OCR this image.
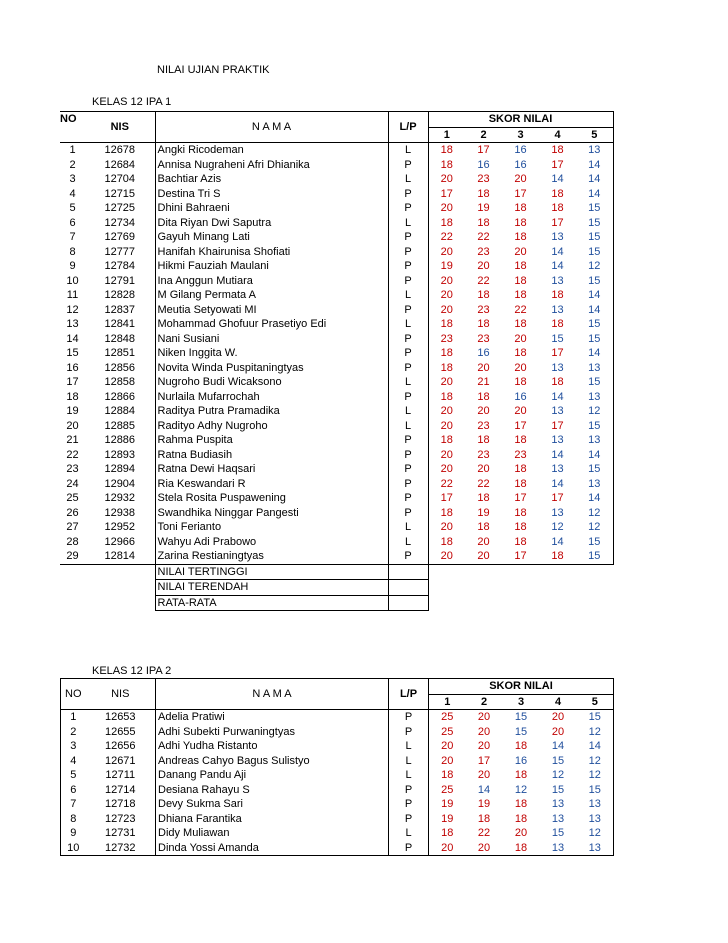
NILAI UJIAN PRAKTIK
KELAS 12 IPA 1
KELAS 12 IPA 2
NO	NIS	N A M A	L/P	SKOR NILAI				
				1	2	3	4	5
1	12678	Angki Ricodeman	L	18	17	16	18	13
2	12684	Annisa Nugraheni Afri Dhianika	P	18	16	16	17	14
3	12704	Bachtiar Azis	L	20	23	20	14	14
4	12715	Destina Tri S	P	17	18	17	18	14
5	12725	Dhini Bahraeni	P	20	19	18	18	15
6	12734	Dita Riyan Dwi Saputra	L	18	18	18	17	15
7	12769	Gayuh Minang Lati	P	22	22	18	13	15
8	12777	Hanifah Khairunisa Shofiati	P	20	23	20	14	15
9	12784	Hikmi Fauziah Maulani	P	19	20	18	14	12
10	12791	Ina Anggun Mutiara	P	20	22	18	13	15
11	12828	M Gilang Permata A	L	20	18	18	18	14
12	12837	Meutia Setyowati MI	P	20	23	22	13	14
13	12841	Mohammad Ghofuur Prasetiyo Edi	L	18	18	18	18	15
14	12848	Nani Susiani	P	23	23	20	15	15
15	12851	Niken Inggita W.	P	18	16	18	17	14
16	12856	Novita Winda Puspitaningtyas	P	18	20	20	13	13
17	12858	Nugroho Budi Wicaksono	L	20	21	18	18	15
18	12866	Nurlaila Mufarrochah	P	18	18	16	14	13
19	12884	Raditya Putra Pramadika	L	20	20	20	13	12
20	12885	Radityo Adhy Nugroho	L	20	23	17	17	15
21	12886	Rahma Puspita	P	18	18	18	13	13
22	12893	Ratna Budiasih	P	20	23	23	14	14
23	12894	Ratna Dewi Haqsari	P	20	20	18	13	15
24	12904	Ria Keswandari R	P	22	22	18	14	13
25	12932	Stela Rosita Puspawening	P	17	18	17	17	14
26	12938	Swandhika Ninggar Pangesti	P	18	19	18	13	12
27	12952	Toni Ferianto	L	20	18	18	12	12
28	12966	Wahyu Adi Prabowo	L	18	20	18	14	15
29	12814	Zarina Restianingtyas	P	20	20	17	18	15
		NILAI TERTINGGI						
		NILAI TERENDAH						
		RATA-RATA						
NO	NIS	N A M A	L/P	SKOR NILAI				
				1	2	3	4	5
1	12653	Adelia Pratiwi	P	25	20	15	20	15
2	12655	Adhi Subekti Purwaningtyas	P	25	20	15	20	12
3	12656	Adhi Yudha Ristanto	L	20	20	18	14	14
4	12671	Andreas Cahyo Bagus Sulistyo	L	20	17	16	15	12
5	12711	Danang Pandu Aji	L	18	20	18	12	12
6	12714	Desiana Rahayu S	P	25	14	12	15	15
7	12718	Devy Sukma Sari	P	19	19	18	13	13
8	12723	Dhiana Farantika	P	19	18	18	13	13
9	12731	Didy Muliawan	L	18	22	20	15	12
10	12732	Dinda Yossi Amanda	P	20	20	18	13	13
